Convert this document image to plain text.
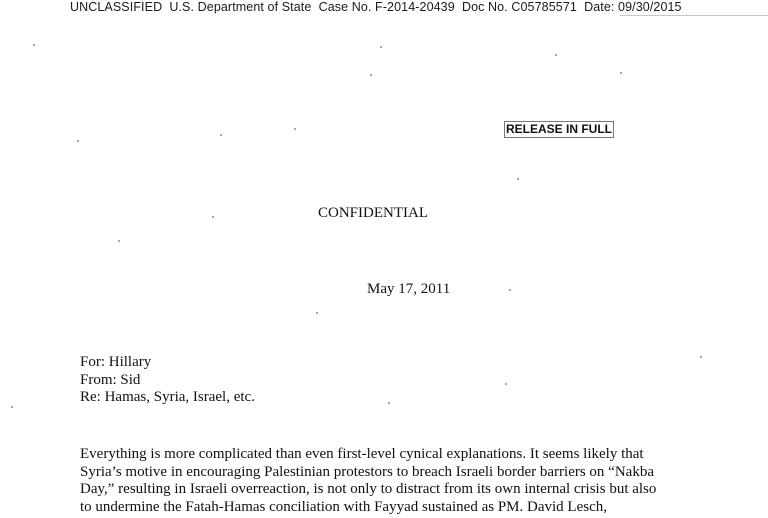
UNCLASSIFIED U.S. Department of State Case No. F-2014-20439 Doc No. C05785571 Date: 09/30/2015
RELEASE IN FULL
CONFIDENTIAL
May 17, 2011
For: Hillary
From: Sid
Re: Hamas, Syria, Israel, etc.
Everything is more complicated than even first-level cynical explanations. It seems likely that
Syria’s motive in encouraging Palestinian protestors to breach Israeli border barriers on “Nakba
Day,” resulting in Israeli overreaction, is not only to distract from its own internal crisis but also
to undermine the Fatah-Hamas conciliation with Fayyad sustained as PM. David Lesch,
